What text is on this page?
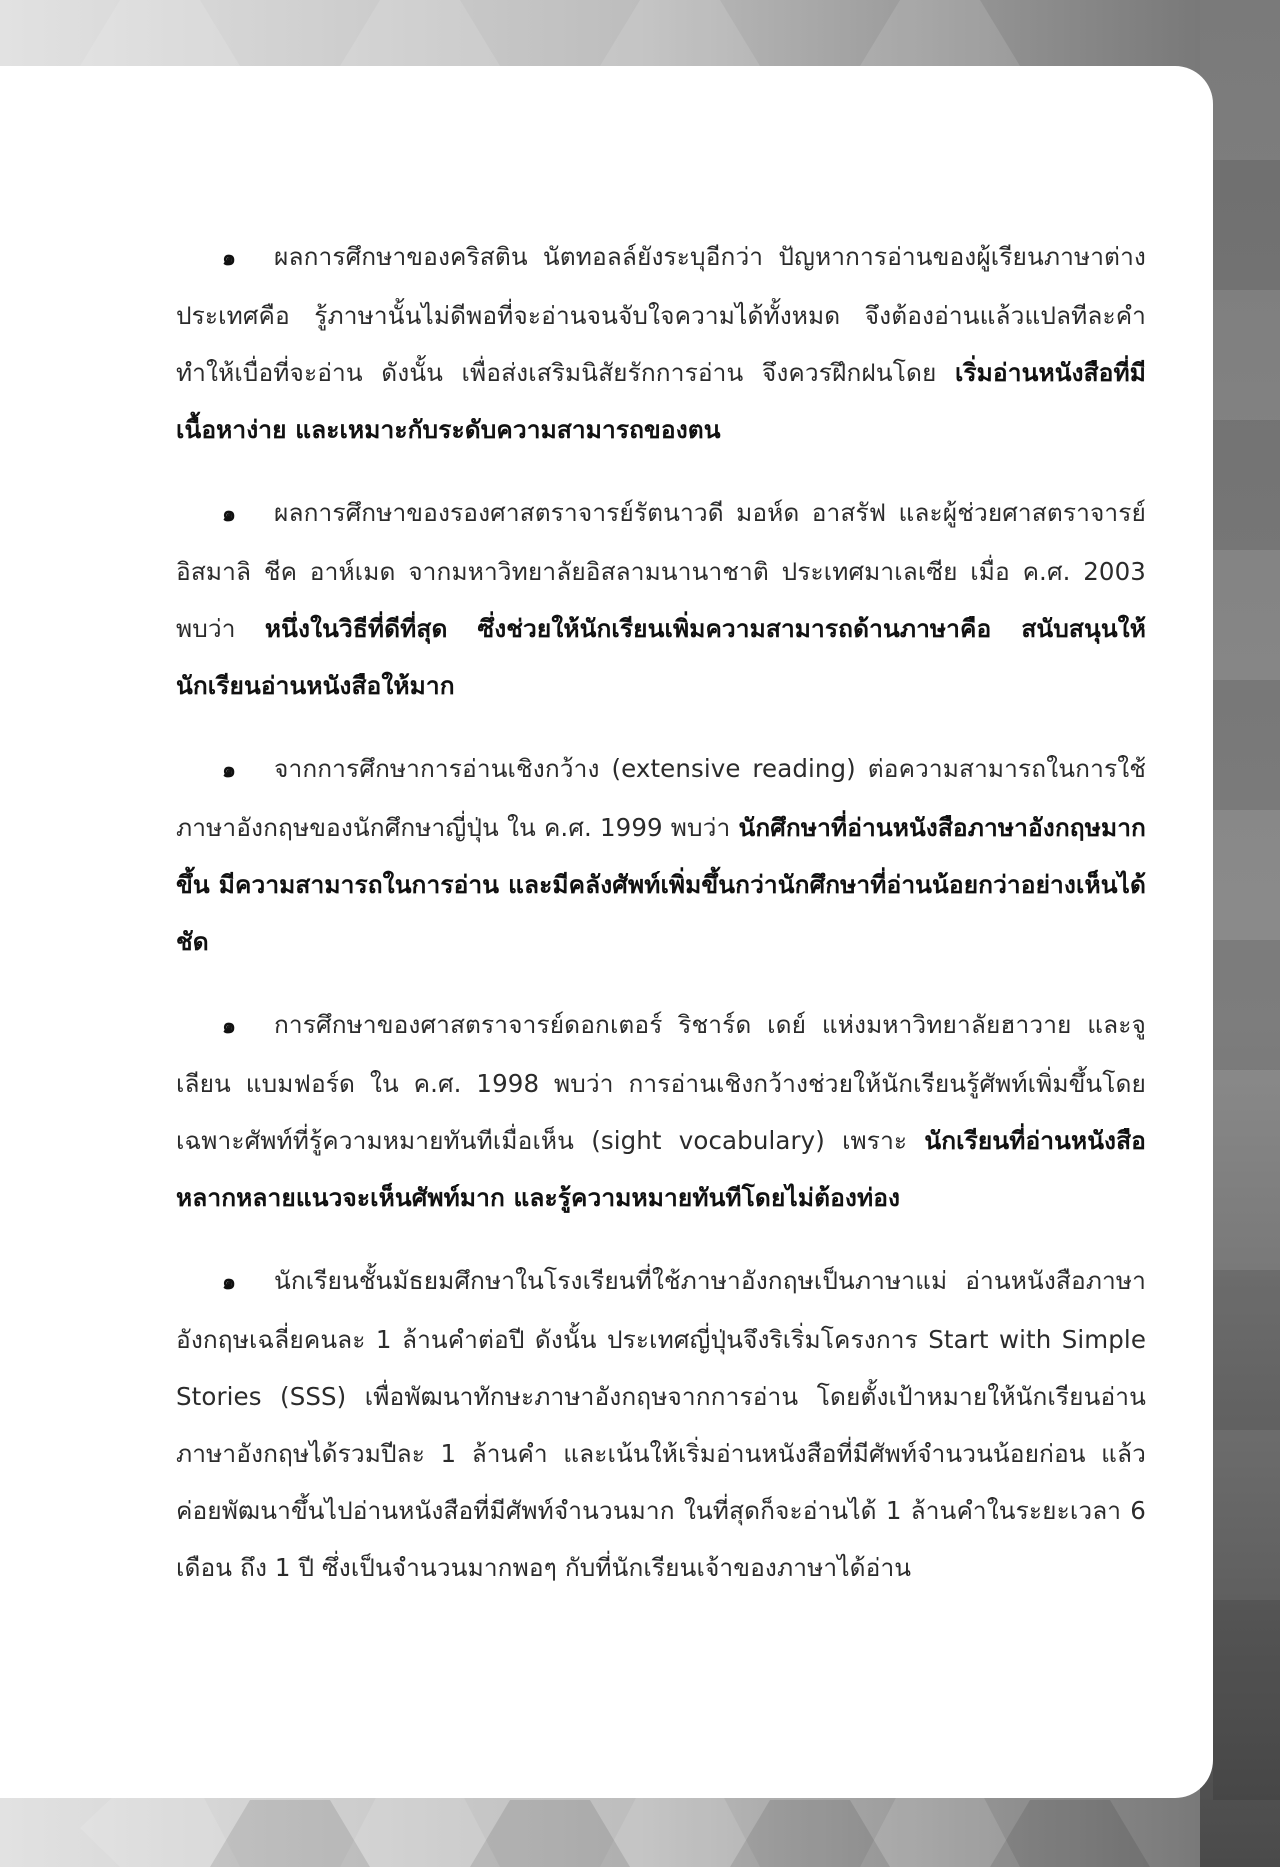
๑ ผลการศึกษาของคริสติน นัตทอลล์ยังระบุอีกว่า ปัญหาการอ่านของผู้เรียนภาษาต่างประเทศคือ รู้ภาษานั้นไม่ดีพอที่จะอ่านจนจับใจความได้ทั้งหมด จึงต้องอ่านแล้วแปลทีละคำ ทำให้เบื่อที่จะอ่าน ดังนั้น เพื่อส่งเสริมนิสัยรักการอ่าน จึงควรฝึกฝนโดย เริ่มอ่านหนังสือที่มีเนื้อหาง่าย และเหมาะกับระดับความสามารถของตน

๑ ผลการศึกษาของรองศาสตราจารย์รัตนาวดี มอห์ด อาสรัฟ และผู้ช่วยศาสตราจารย์อิสมาลิ ชีค อาห์เมด จากมหาวิทยาลัยอิสลามนานาชาติ ประเทศมาเลเซีย เมื่อ ค.ศ. 2003 พบว่า หนึ่งในวิธีที่ดีที่สุด ซึ่งช่วยให้นักเรียนเพิ่มความสามารถด้านภาษาคือ สนับสนุนให้นักเรียนอ่านหนังสือให้มาก

๑ จากการศึกษาการอ่านเชิงกว้าง (extensive reading) ต่อความสามารถในการใช้ภาษาอังกฤษของนักศึกษาญี่ปุ่น ใน ค.ศ. 1999 พบว่า นักศึกษาที่อ่านหนังสือภาษาอังกฤษมากขึ้น มีความสามารถในการอ่าน และมีคลังศัพท์เพิ่มขึ้นกว่านักศึกษาที่อ่านน้อยกว่าอย่างเห็นได้ชัด

๑ การศึกษาของศาสตราจารย์ดอกเตอร์ ริชาร์ด เดย์ แห่งมหาวิทยาลัยฮาวาย และจูเลียน แบมฟอร์ด ใน ค.ศ. 1998 พบว่า การอ่านเชิงกว้างช่วยให้นักเรียนรู้ศัพท์เพิ่มขึ้นโดยเฉพาะศัพท์ที่รู้ความหมายทันทีเมื่อเห็น (sight vocabulary) เพราะ นักเรียนที่อ่านหนังสือหลากหลายแนวจะเห็นศัพท์มาก และรู้ความหมายทันทีโดยไม่ต้องท่อง

๑ นักเรียนชั้นมัธยมศึกษาในโรงเรียนที่ใช้ภาษาอังกฤษเป็นภาษาแม่ อ่านหนังสือภาษาอังกฤษเฉลี่ยคนละ 1 ล้านคำต่อปี ดังนั้น ประเทศญี่ปุ่นจึงริเริ่มโครงการ Start with Simple Stories (SSS) เพื่อพัฒนาทักษะภาษาอังกฤษจากการอ่าน โดยตั้งเป้าหมายให้นักเรียนอ่านภาษาอังกฤษได้รวมปีละ 1 ล้านคำ และเน้นให้เริ่มอ่านหนังสือที่มีศัพท์จำนวนน้อยก่อน แล้วค่อยพัฒนาขึ้นไปอ่านหนังสือที่มีศัพท์จำนวนมาก ในที่สุดก็จะอ่านได้ 1 ล้านคำในระยะเวลา 6 เดือน ถึง 1 ปี ซึ่งเป็นจำนวนมากพอๆ กับที่นักเรียนเจ้าของภาษาได้อ่าน
